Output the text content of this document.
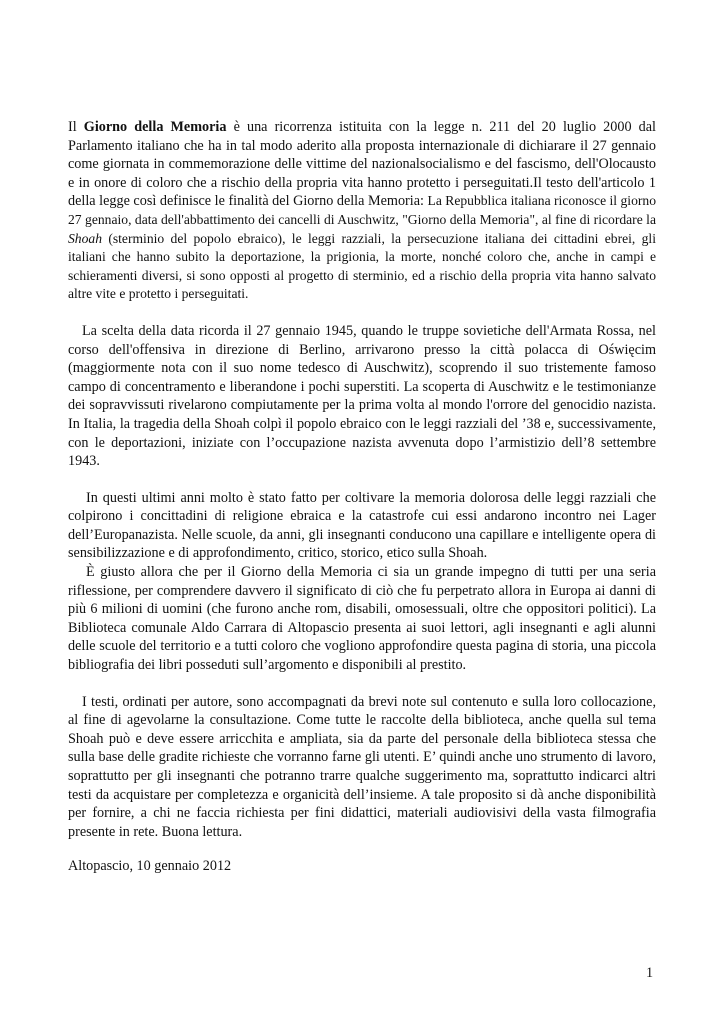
Il Giorno della Memoria è una ricorrenza istituita con la legge n. 211 del 20 luglio 2000 dal Parlamento italiano che ha in tal modo aderito alla proposta internazionale di dichiarare il 27 gennaio come giornata in commemorazione delle vittime del nazionalsocialismo e del fascismo, dell'Olocausto e in onore di coloro che a rischio della propria vita hanno protetto i perseguitati.Il testo dell'articolo 1 della legge così definisce le finalità del Giorno della Memoria: La Repubblica italiana riconosce il giorno 27 gennaio, data dell'abbattimento dei cancelli di Auschwitz, "Giorno della Memoria", al fine di ricordare la Shoah (sterminio del popolo ebraico), le leggi razziali, la persecuzione italiana dei cittadini ebrei, gli italiani che hanno subito la deportazione, la prigionia, la morte, nonché coloro che, anche in campi e schieramenti diversi, si sono opposti al progetto di sterminio, ed a rischio della propria vita hanno salvato altre vite e protetto i perseguitati.

La scelta della data ricorda il 27 gennaio 1945, quando le truppe sovietiche dell'Armata Rossa, nel corso dell'offensiva in direzione di Berlino, arrivarono presso la città polacca di Oświęcim (maggiormente nota con il suo nome tedesco di Auschwitz), scoprendo il suo tristemente famoso campo di concentramento e liberandone i pochi superstiti. La scoperta di Auschwitz e le testimonianze dei sopravvissuti rivelarono compiutamente per la prima volta al mondo l'orrore del genocidio nazista. In Italia, la tragedia della Shoah colpì il popolo ebraico con le leggi razziali del ’38 e, successivamente, con le deportazioni, iniziate con l’occupazione nazista avvenuta dopo l’armistizio dell’8 settembre 1943.

In questi ultimi anni molto è stato fatto per coltivare la memoria dolorosa delle leggi razziali che colpirono i concittadini di religione ebraica e la catastrofe cui essi andarono incontro nei Lager dell’Europanazista. Nelle scuole, da anni, gli insegnanti conducono una capillare e intelligente opera di sensibilizzazione e di approfondimento, critico, storico, etico sulla Shoah.

È giusto allora che per il Giorno della Memoria ci sia un grande impegno di tutti per una seria riflessione, per comprendere davvero il significato di ciò che fu perpetrato allora in Europa ai danni di più 6 milioni di uomini (che furono anche rom, disabili, omosessuali, oltre che oppositori politici). La Biblioteca comunale Aldo Carrara di Altopascio presenta ai suoi lettori, agli insegnanti e agli alunni delle scuole del territorio e a tutti coloro che vogliono approfondire questa pagina di storia, una piccola bibliografia dei libri posseduti sull’argomento e disponibili al prestito.

I testi, ordinati per autore, sono accompagnati da brevi note sul contenuto e sulla loro collocazione, al fine di agevolarne la consultazione. Come tutte le raccolte della biblioteca, anche quella sul tema Shoah può e deve essere arricchita e ampliata, sia da parte del personale della biblioteca stessa che sulla base delle gradite richieste che vorranno farne gli utenti. E’ quindi anche uno strumento di lavoro, soprattutto per gli insegnanti che potranno trarre qualche suggerimento ma, soprattutto indicarci altri testi da acquistare per completezza e organicità dell’insieme. A tale proposito si dà anche disponibilità per fornire, a chi ne faccia richiesta per fini didattici, materiali audiovisivi della vasta filmografia presente in rete. Buona lettura.

Altopascio, 10 gennaio 2012

1
